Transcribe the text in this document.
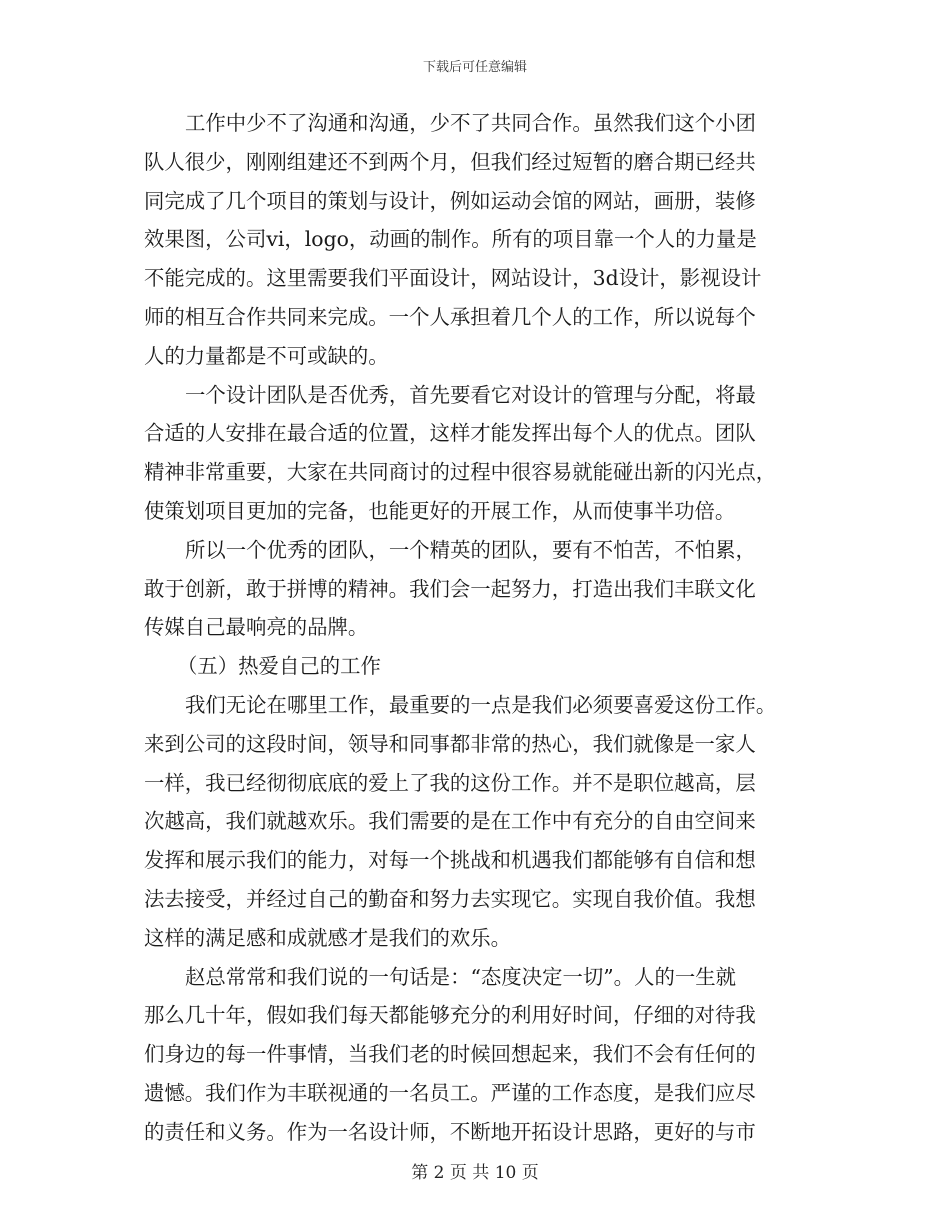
下载后可任意编辑
工作中少不了沟通和沟通，少不了共同合作。虽然我们这个小团
队人很少，刚刚组建还不到两个月，但我们经过短暂的磨合期已经共
同完成了几个项目的策划与设计，例如运动会馆的网站，画册，装修
效果图，公司vi，logo，动画的制作。所有的项目靠一个人的力量是
不能完成的。这里需要我们平面设计，网站设计，3d设计，影视设计
师的相互合作共同来完成。一个人承担着几个人的工作，所以说每个
人的力量都是不可或缺的。
一个设计团队是否优秀，首先要看它对设计的管理与分配，将最
合适的人安排在最合适的位置，这样才能发挥出每个人的优点。团队
精神非常重要，大家在共同商讨的过程中很容易就能碰出新的闪光点，
使策划项目更加的完备，也能更好的开展工作，从而使事半功倍。
所以一个优秀的团队，一个精英的团队，要有不怕苦，不怕累，
敢于创新，敢于拼博的精神。我们会一起努力，打造出我们丰联文化
传媒自己最响亮的品牌。
（五）热爱自己的工作
我们无论在哪里工作，最重要的一点是我们必须要喜爱这份工作。
来到公司的这段时间，领导和同事都非常的热心，我们就像是一家人
一样，我已经彻彻底底的爱上了我的这份工作。并不是职位越高，层
次越高，我们就越欢乐。我们需要的是在工作中有充分的自由空间来
发挥和展示我们的能力，对每一个挑战和机遇我们都能够有自信和想
法去接受，并经过自己的勤奋和努力去实现它。实现自我价值。我想
这样的满足感和成就感才是我们的欢乐。
赵总常常和我们说的一句话是：“态度决定一切”。人的一生就
那么几十年，假如我们每天都能够充分的利用好时间，仔细的对待我
们身边的每一件事情，当我们老的时候回想起来，我们不会有任何的
遗憾。我们作为丰联视通的一名员工。严谨的工作态度，是我们应尽
的责任和义务。作为一名设计师，不断地开拓设计思路，更好的与市
第 2 页 共 10 页
